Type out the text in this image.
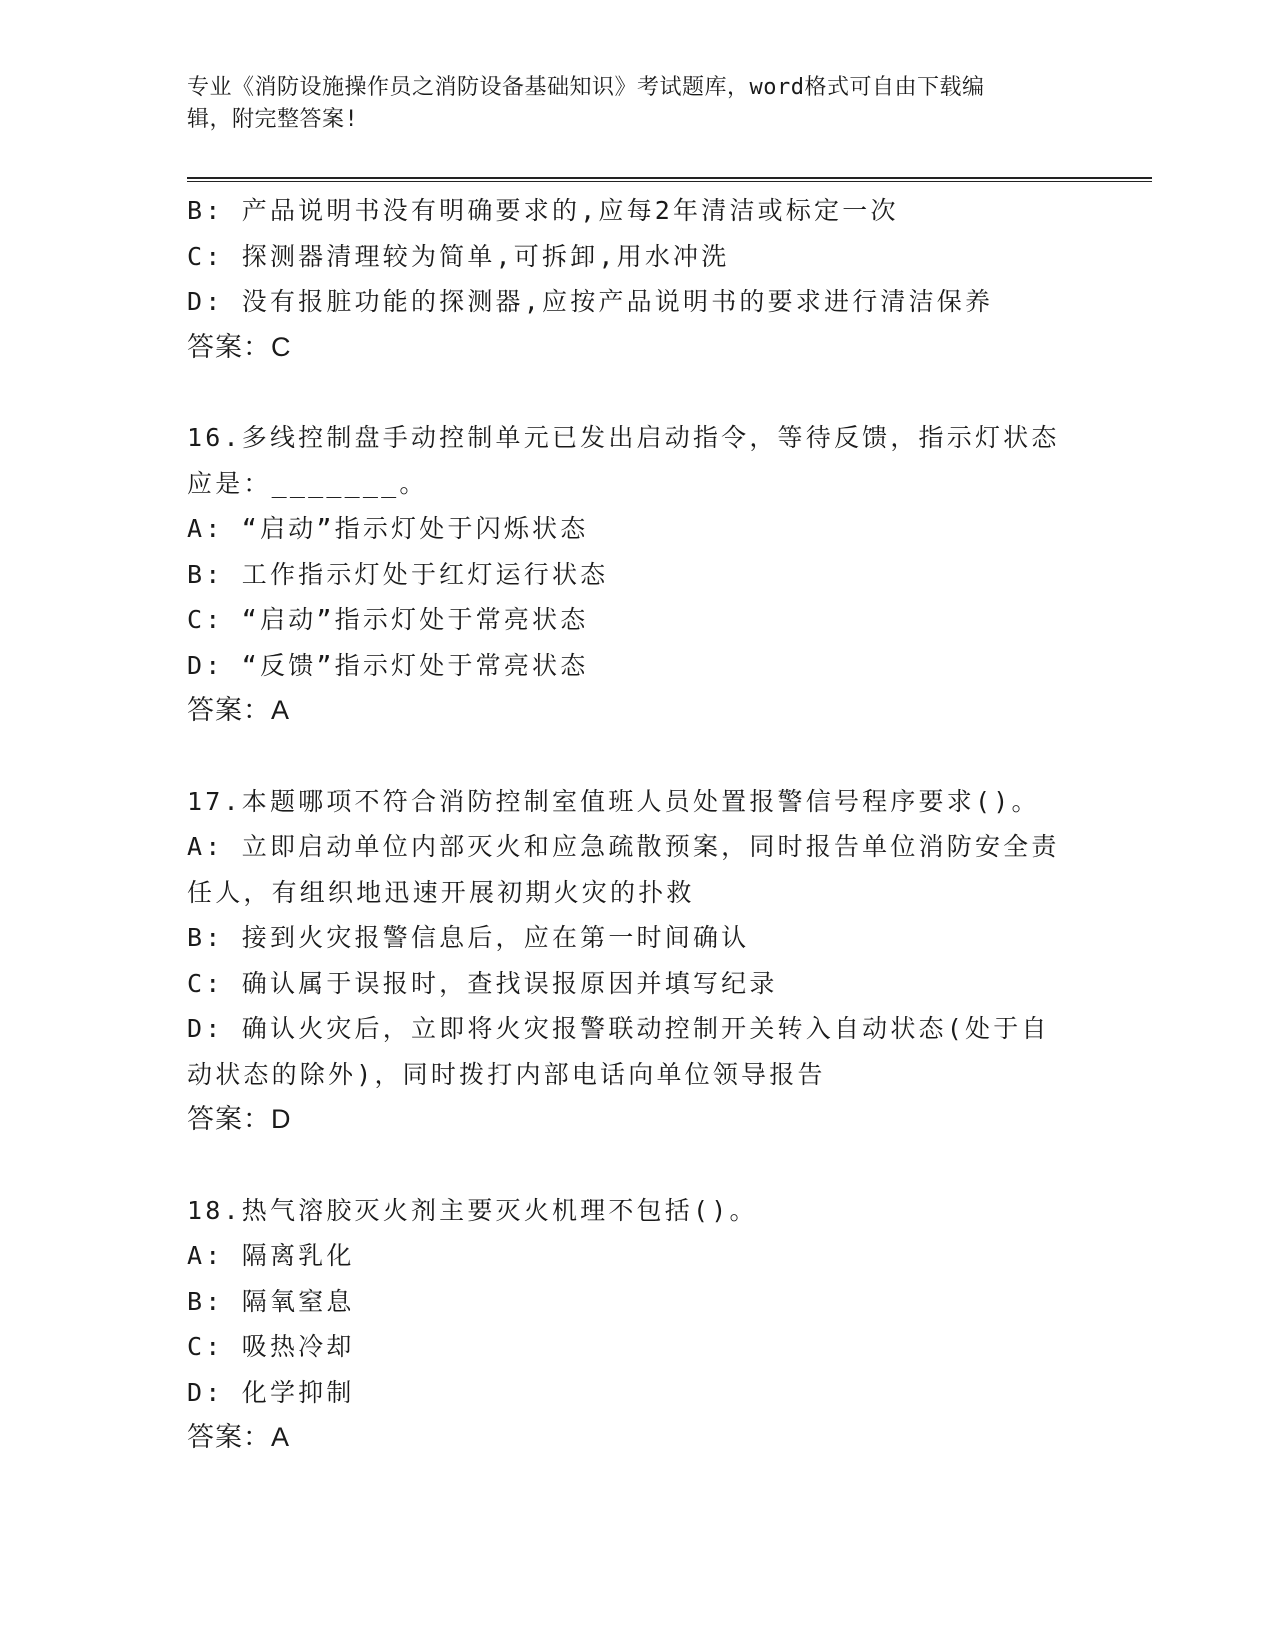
专业《消防设施操作员之消防设备基础知识》考试题库，word格式可自由下载编
辑，附完整答案!
B: 产品说明书没有明确要求的,应每2年清洁或标定一次
C: 探测器清理较为简单,可拆卸,用水冲洗
D: 没有报脏功能的探测器,应按产品说明书的要求进行清洁保养
答案：C
16.多线控制盘手动控制单元已发出启动指令，等待反馈，指示灯状态
应是：_______。
A: “启动”指示灯处于闪烁状态
B: 工作指示灯处于红灯运行状态
C: “启动”指示灯处于常亮状态
D: “反馈”指示灯处于常亮状态
答案：A
17.本题哪项不符合消防控制室值班人员处置报警信号程序要求()。
A: 立即启动单位内部灭火和应急疏散预案，同时报告单位消防安全责
任人，有组织地迅速开展初期火灾的扑救
B: 接到火灾报警信息后，应在第一时间确认
C: 确认属于误报时，查找误报原因并填写纪录
D: 确认火灾后，立即将火灾报警联动控制开关转入自动状态(处于自
动状态的除外)，同时拨打内部电话向单位领导报告
答案：D
18.热气溶胶灭火剂主要灭火机理不包括()。
A: 隔离乳化
B: 隔氧窒息
C: 吸热冷却
D: 化学抑制
答案：A
